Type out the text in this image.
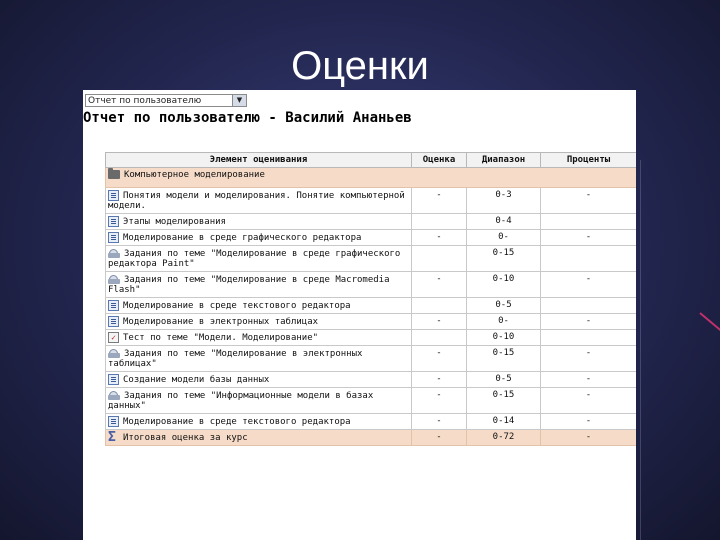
Оценки
Отчет по пользователю	▼
Отчет по пользователю - Василий Ананьев
Элемент оценивания	Оценка	Диапазон	Проценты
Компьютерное моделирование			
Понятия модели и моделирования. Понятие компьютерной модели.	-	0-3	-
Этапы моделирования		0-4	
Моделирование в среде графического редактора	-	0-	-
Задания по теме "Моделирование в среде графического редактора Paint"		0-15	
Задания по теме "Моделирование в среде Macromedia Flash"	-	0-10	-
Моделирование в среде текстового редактора		0-5	
Моделирование в электронных таблицах	-	0-	-
✓ Тест по теме "Модели. Моделирование"		0-10	
Задания по теме "Моделирование в электронных таблицах"	-	0-15	-
Создание модели базы данных	-	0-5	-
Задания по теме "Информационные модели в базах данных"	-	0-15	-
Моделирование в среде текстового редактора	-	0-14	-
Σ Итоговая оценка за курс	-	0-72	-
